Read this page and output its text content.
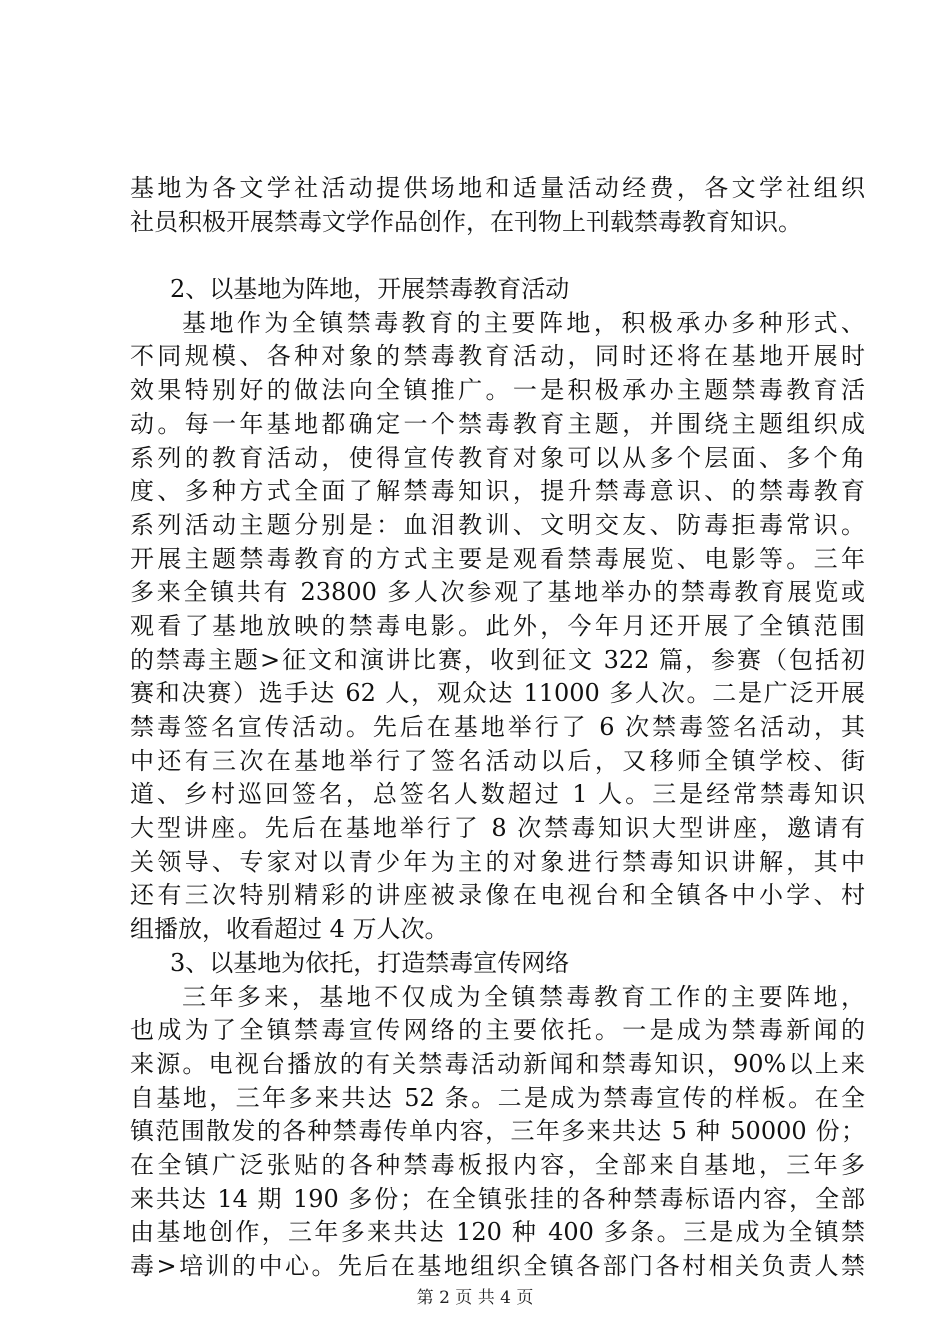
基地为各文学社活动提供场地和适量活动经费，各文学社组织
社员积极开展禁毒文学作品创作，在刊物上刊载禁毒教育知识。
2、以基地为阵地，开展禁毒教育活动
基地作为全镇禁毒教育的主要阵地，积极承办多种形式、
不同规模、各种对象的禁毒教育活动，同时还将在基地开展时
效果特别好的做法向全镇推广。一是积极承办主题禁毒教育活
动。每一年基地都确定一个禁毒教育主题，并围绕主题组织成
系列的教育活动，使得宣传教育对象可以从多个层面、多个角
度、多种方式全面了解禁毒知识，提升禁毒意识、的禁毒教育
系列活动主题分别是：血泪教训、文明交友、防毒拒毒常识。
开展主题禁毒教育的方式主要是观看禁毒展览、电影等。三年
多来全镇共有 23800 多人次参观了基地举办的禁毒教育展览或
观看了基地放映的禁毒电影。此外，今年月还开展了全镇范围
的禁毒主题>征文和演讲比赛，收到征文 322 篇，参赛（包括初
赛和决赛）选手达 62 人，观众达 11000 多人次。二是广泛开展
禁毒签名宣传活动。先后在基地举行了 6 次禁毒签名活动，其
中还有三次在基地举行了签名活动以后，又移师全镇学校、街
道、乡村巡回签名，总签名人数超过 1 人。三是经常禁毒知识
大型讲座。先后在基地举行了 8 次禁毒知识大型讲座，邀请有
关领导、专家对以青少年为主的对象进行禁毒知识讲解，其中
还有三次特别精彩的讲座被录像在电视台和全镇各中小学、村
组播放，收看超过 4 万人次。
3、以基地为依托，打造禁毒宣传网络
三年多来，基地不仅成为全镇禁毒教育工作的主要阵地，
也成为了全镇禁毒宣传网络的主要依托。一是成为禁毒新闻的
来源。电视台播放的有关禁毒活动新闻和禁毒知识，90%以上来
自基地，三年多来共达 52 条。二是成为禁毒宣传的样板。在全
镇范围散发的各种禁毒传单内容，三年多来共达 5 种 50000 份；
在全镇广泛张贴的各种禁毒板报内容，全部来自基地，三年多
来共达 14 期 190 多份；在全镇张挂的各种禁毒标语内容，全部
由基地创作，三年多来共达 120 种 400 多条。三是成为全镇禁
毒>培训的中心。先后在基地组织全镇各部门各村相关负责人禁
第 2 页 共 4 页
